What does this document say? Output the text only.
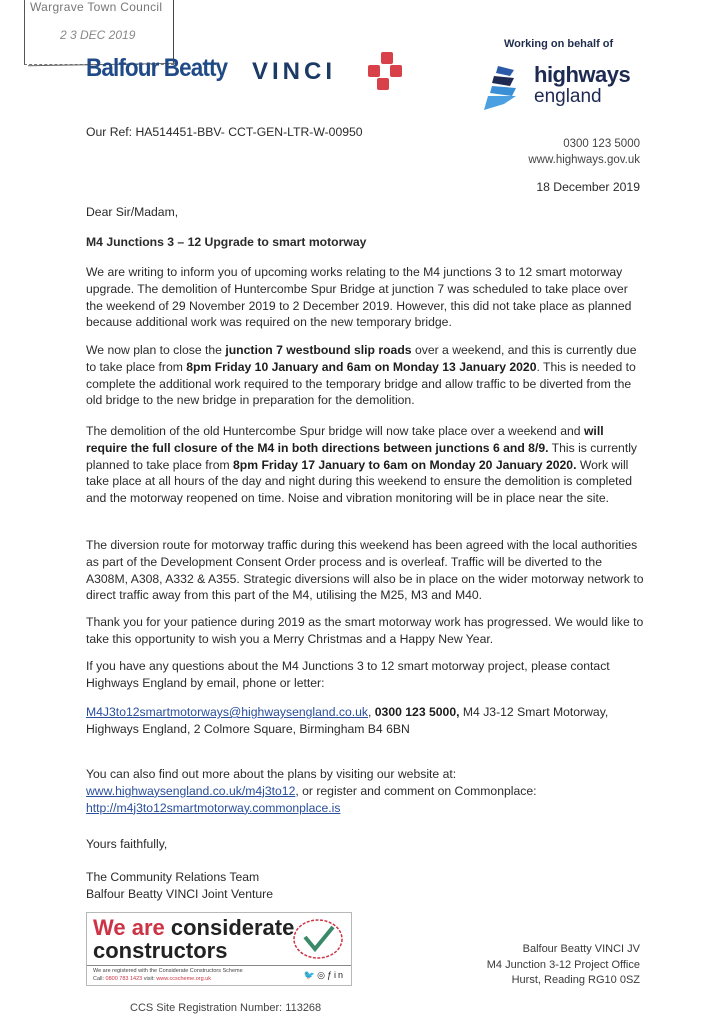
Wargrave Town Council
2 3 DEC 2019
Balfour Beatty VINCI
Working on behalf of
highways
england
Our Ref: HA514451-BBV- CCT-GEN-LTR-W-00950
0300 123 5000
www.highways.gov.uk
18 December 2019
Dear Sir/Madam,
M4 Junctions 3 – 12 Upgrade to smart motorway
We are writing to inform you of upcoming works relating to the M4 junctions 3 to 12 smart motorway upgrade. The demolition of Huntercombe Spur Bridge at junction 7 was scheduled to take place over the weekend of 29 November 2019 to 2 December 2019. However, this did not take place as planned because additional work was required on the new temporary bridge.
We now plan to close the junction 7 westbound slip roads over a weekend, and this is currently due to take place from 8pm Friday 10 January and 6am on Monday 13 January 2020. This is needed to complete the additional work required to the temporary bridge and allow traffic to be diverted from the old bridge to the new bridge in preparation for the demolition.
The demolition of the old Huntercombe Spur bridge will now take place over a weekend and will require the full closure of the M4 in both directions between junctions 6 and 8/9. This is currently planned to take place from 8pm Friday 17 January to 6am on Monday 20 January 2020. Work will take place at all hours of the day and night during this weekend to ensure the demolition is completed and the motorway reopened on time. Noise and vibration monitoring will be in place near the site.
The diversion route for motorway traffic during this weekend has been agreed with the local authorities as part of the Development Consent Order process and is overleaf. Traffic will be diverted to the A308M, A308, A332 & A355. Strategic diversions will also be in place on the wider motorway network to direct traffic away from this part of the M4, utilising the M25, M3 and M40.
Thank you for your patience during 2019 as the smart motorway work has progressed. We would like to take this opportunity to wish you a Merry Christmas and a Happy New Year.
If you have any questions about the M4 Junctions 3 to 12 smart motorway project, please contact Highways England by email, phone or letter:
M4J3to12smartmotorways@highwaysengland.co.uk, 0300 123 5000, M4 J3-12 Smart Motorway, Highways England, 2 Colmore Square, Birmingham B4 6BN
You can also find out more about the plans by visiting our website at:
www.highwaysengland.co.uk/m4j3to12, or register and comment on Commonplace:
http://m4j3to12smartmotorway.commonplace.is
Yours faithfully,
The Community Relations Team
Balfour Beatty VINCI Joint Venture
We are considerate
constructors
We are registered with the Considerate Constructors Scheme
Call: 0800 783 1423 visit: www.ccscheme.org.uk	🐦◎ƒin
CCS Site Registration Number: 113268
Balfour Beatty VINCI JV
M4 Junction 3-12 Project Office
Hurst, Reading RG10 0SZ
